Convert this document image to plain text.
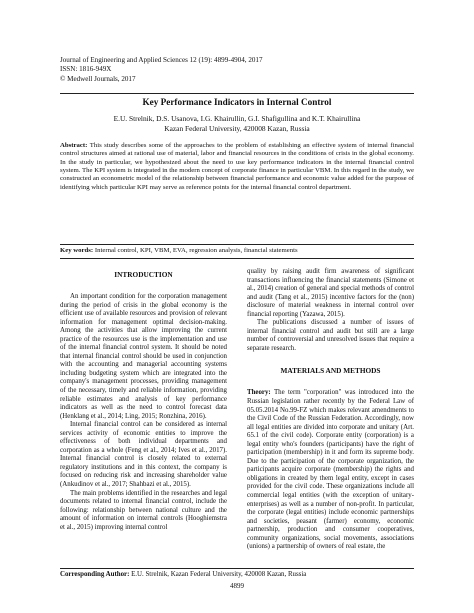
Journal of Engineering and Applied Sciences 12 (19): 4899-4904, 2017
ISSN: 1816-949X
© Medwell Journals, 2017
Key Performance Indicators in Internal Control
E.U. Strelnik, D.S. Usanova, I.G. Khairullin, G.I. Shafigullina and K.T. Khairullina
Kazan Federal University, 420008 Kazan, Russia
Abstract: This study describes some of the approaches to the problem of establishing an effective system of internal financial control structures aimed at rational use of material, labor and financial resources in the conditions of crisis in the global economy. In the study in particular, we hypothesized about the need to use key performance indicators in the internal financial control system. The KPI system is integrated in the modern concept of corporate finance in particular VBM. In this regard in the study, we constructed an econometric model of the relationship between financial performance and economic value added for the purpose of identifying which particular KPI may serve as reference points for the internal financial control department.
Key words: Internal control, KPI, VBM, EVA, regression analysis, financial statements
INTRODUCTION

An important condition for the corporation management during the period of crisis in the global economy is the efficient use of available resources and provision of relevant information for management optimal decision-making. Among the activities that allow improving the current practice of the resources use is the implementation and use of the internal financial control system. It should be noted that internal financial control should be used in conjunction with the accounting and managerial accounting systems including budgeting system which are integrated into the company's management processes, providing management of the necessary, timely and reliable information, providing reliable estimates and analysis of key performance indicators as well as the need to control forecast data (Henklang et al., 2014; Ling, 2015; Ronzhina, 2016).

Internal financial control can be considered as internal services activity of economic entities to improve the effectiveness of both individual departments and corporation as a whole (Feng et al., 2014; Ives et al., 2017). Internal financial control is closely related to external regulatory institutions and in this context, the company is focused on reducing risk and increasing shareholder value (Ankudinov et al., 2017; Shahbazi et al., 2015).

The main problems identified in the researches and legal documents related to internal financial control, include the following: relationship between national culture and the amount of information on internal controls (Hooghiemstra et al., 2015) improving internal control

quality by raising audit firm awareness of significant transactions influencing the financial statements (Simone et al., 2014) creation of general and special methods of control and audit (Tang et al., 2015) incentive factors for the (non) disclosure of material weakness in internal control over financial reporting (Yazawa, 2015).

The publications discussed a number of issues of internal financial control and audit but still are a large number of controversial and unresolved issues that require a separate research.

MATERIALS AND METHODS

Theory: The term "corporation" was introduced into the Russian legislation rather recently by the Federal Law of 05.05.2014 No.99-FZ which makes relevant amendments to the Civil Code of the Russian Federation. Accordingly, now all legal entities are divided into corporate and unitary (Art. 65.1 of the civil code). Corporate entity (corporation) is a legal entity who's founders (participants) have the right of participation (membership) in it and form its supreme body. Due to the participation of the corporate organization, the participants acquire corporate (membership) the rights and obligations in created by them legal entity, except in cases provided for the civil code. These organizations include all commercial legal entities (with the exception of unitary-enterprises) as well as a number of non-profit. In particular, the corporate (legal entities) include economic partnerships and societies, peasant (farmer) economy, economic partnership, production and consumer cooperatives, community organizations, social movements, associations (unions) a partnership of owners of real estate, the

Corresponding Author: E.U. Strelnik, Kazan Federal University, 420008 Kazan, Russia
4899
